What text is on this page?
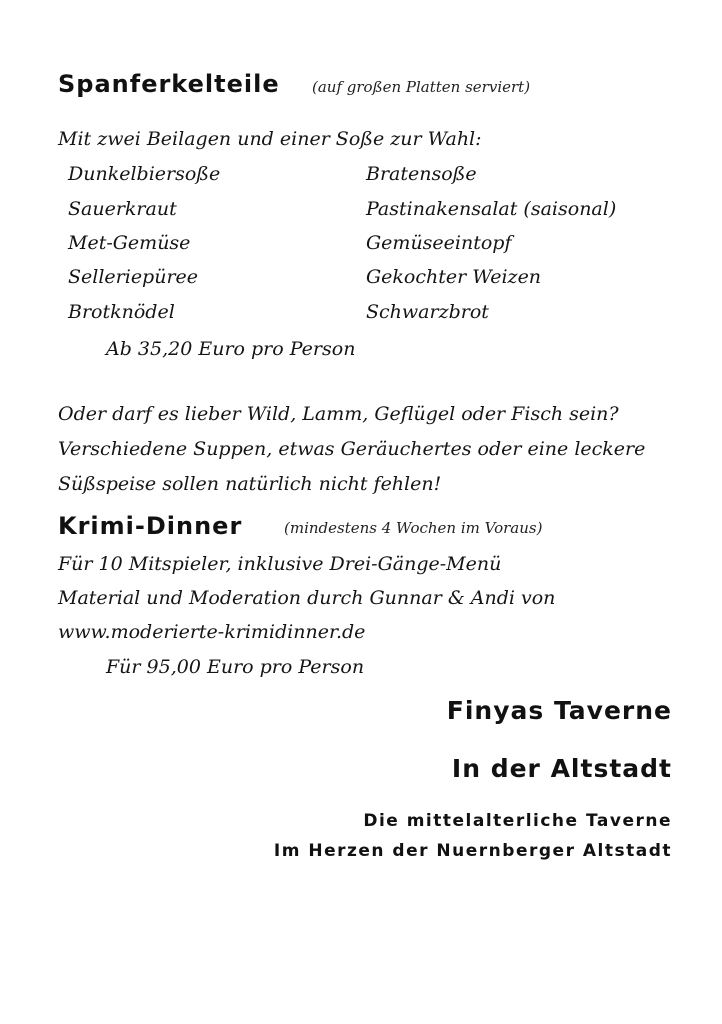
Spanferkelteile (auf großen Platten serviert)
Mit zwei Beilagen und einer Soße zur Wahl:
Dunkelbiersoße
Sauerkraut
Met-Gemüse
Selleriepüree
Brotknödel
Bratensoße
Pastinakensalat (saisonal)
Gemüseeintopf
Gekochter Weizen
Schwarzbrot
Ab 35,20 Euro pro Person
Oder darf es lieber Wild, Lamm, Geflügel oder Fisch sein?
Verschiedene Suppen, etwas Geräuchertes oder eine leckere
Süßspeise sollen natürlich nicht fehlen!
Krimi-Dinner	(mindestens 4 Wochen im Voraus)
Für 10 Mitspieler, inklusive Drei-Gänge-Menü
Material und Moderation durch Gunnar & Andi von
www.moderierte-krimidinner.de
Für 95,00 Euro pro Person
Finyas Taverne
In der Altstadt
Die mittelalterliche Taverne
Im Herzen der Nuernberger Altstadt
